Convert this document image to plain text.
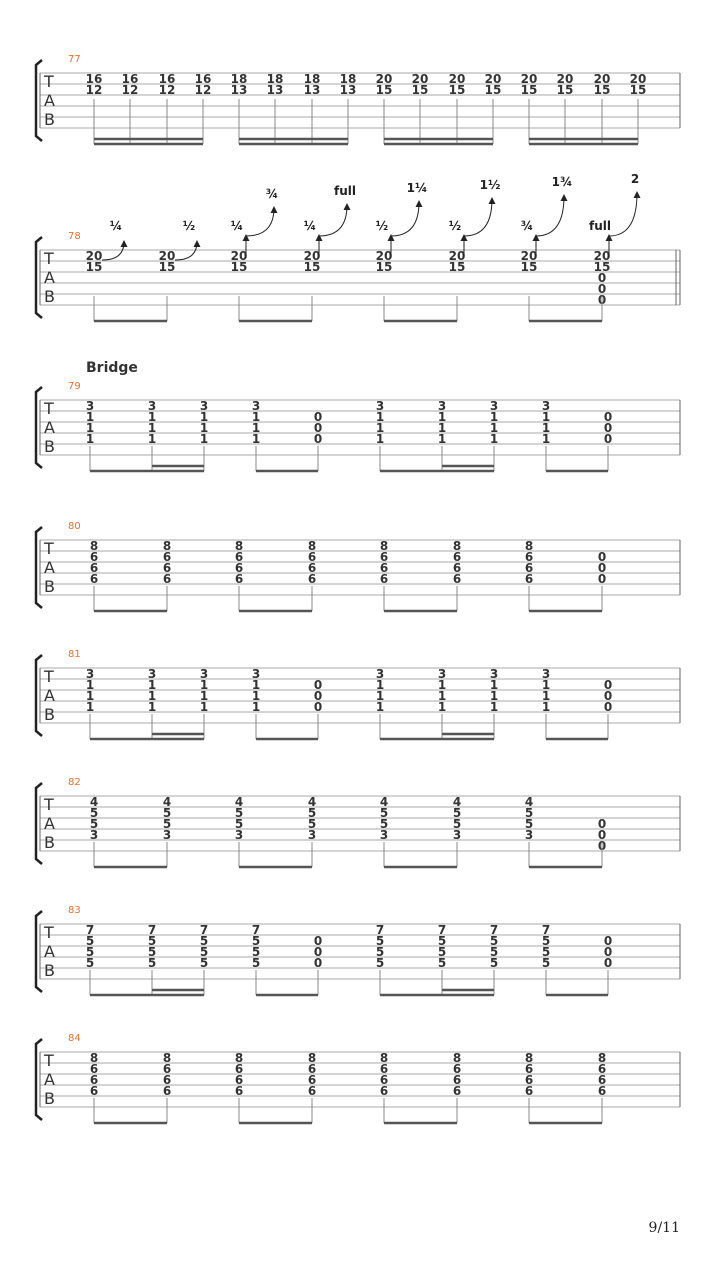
77
T
A
B
16
12
16
12
16
12
16
12
18
13
18
13
18
13
18
13
20
15
20
15
20
15
20
15
20
15
20
15
20
15
20
15
78
T
A
B
20
15
20
15
20
15
20
15
20
15
20
15
20
15
20
15
0
0
0
¼	½	¼
¾
¼
full
½
1¼
½
1½
¾
1¾
full
2
79
T
A
B
Bridge
3
1
1
1
3
1
1
1
3
1
1
1
3
1
1
1
0
0
0
3
1
1
1
3
1
1
1
3
1
1
1
3
1
1
1
0
0
0
80
T
A
B
8
6
6
6
8
6
6
6
8
6
6
6
8
6
6
6
8
6
6
6
8
6
6
6
8
6
6
6
0
0
0
81
T
A
B
3
1
1
1
3
1
1
1
3
1
1
1
3
1
1
1
0
0
0
3
1
1
1
3
1
1
1
3
1
1
1
3
1
1
1
0
0
0
82
T
A
B
4
5
5
3
4
5
5
3
4
5
5
3
4
5
5
3
4
5
5
3
4
5
5
3
4
5
5
3
0
0
0
83
T
A
B
7
5
5
5
7
5
5
5
7
5
5
5
7
5
5
5
0
0
0
7
5
5
5
7
5
5
5
7
5
5
5
7
5
5
5
0
0
0
84
T
A
B
8
6
6
6
8
6
6
6
8
6
6
6
8
6
6
6
8
6
6
6
8
6
6
6
8
6
6
6
8
6
6
6
9/11
